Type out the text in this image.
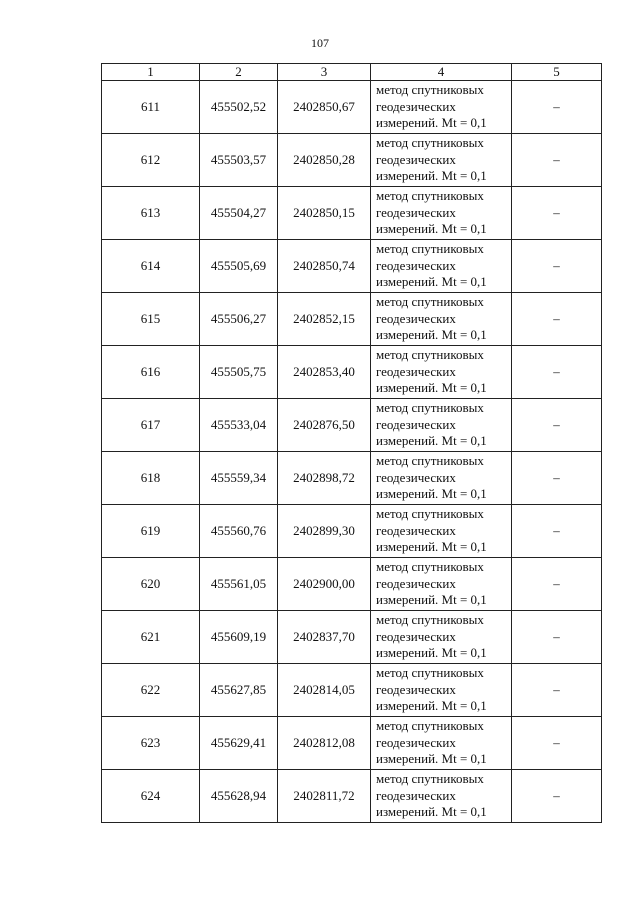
107
1	2	3	4	5
611	455502,52	2402850,67	метод спутниковых
геодезических
измерений. Mt = 0,1	–
612	455503,57	2402850,28	метод спутниковых
геодезических
измерений. Mt = 0,1	–
613	455504,27	2402850,15	метод спутниковых
геодезических
измерений. Mt = 0,1	–
614	455505,69	2402850,74	метод спутниковых
геодезических
измерений. Mt = 0,1	–
615	455506,27	2402852,15	метод спутниковых
геодезических
измерений. Mt = 0,1	–
616	455505,75	2402853,40	метод спутниковых
геодезических
измерений. Mt = 0,1	–
617	455533,04	2402876,50	метод спутниковых
геодезических
измерений. Mt = 0,1	–
618	455559,34	2402898,72	метод спутниковых
геодезических
измерений. Mt = 0,1	–
619	455560,76	2402899,30	метод спутниковых
геодезических
измерений. Mt = 0,1	–
620	455561,05	2402900,00	метод спутниковых
геодезических
измерений. Mt = 0,1	–
621	455609,19	2402837,70	метод спутниковых
геодезических
измерений. Mt = 0,1	–
622	455627,85	2402814,05	метод спутниковых
геодезических
измерений. Mt = 0,1	–
623	455629,41	2402812,08	метод спутниковых
геодезических
измерений. Mt = 0,1	–
624	455628,94	2402811,72	метод спутниковых
геодезических
измерений. Mt = 0,1	–
